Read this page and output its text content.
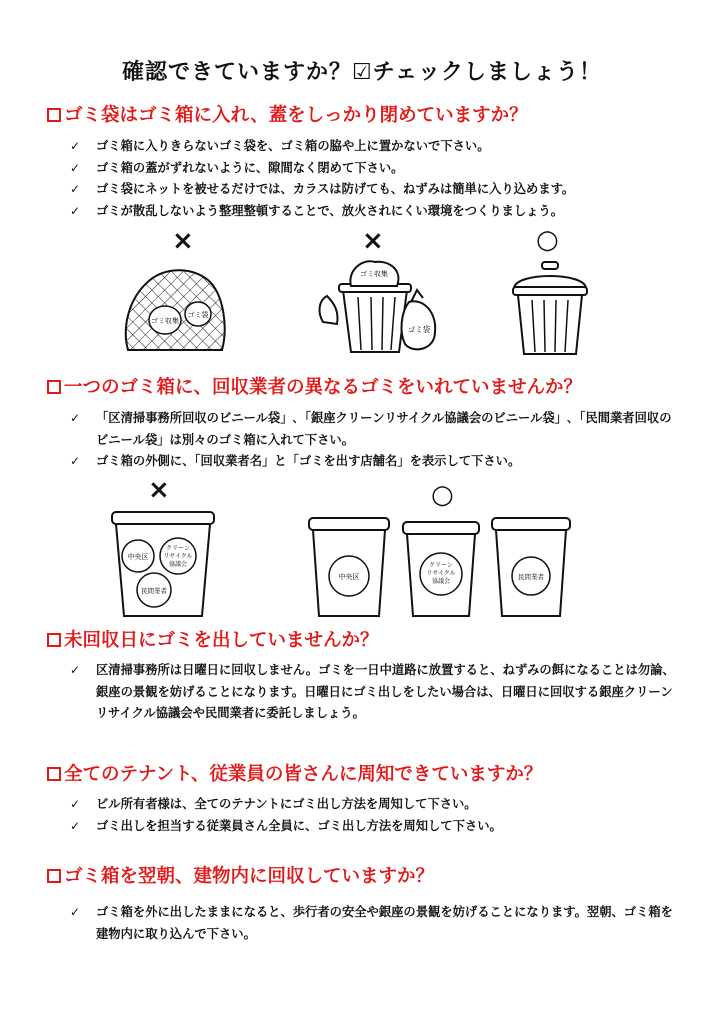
確認できていますか？☑チェックしましょう！
ゴミ袋はゴミ箱に入れ、蓋をしっかり閉めていますか？
✓ ゴミ箱に入りきらないゴミ袋を、ゴミ箱の脇や上に置かないで下さい。
✓ ゴミ箱の蓋がずれないように、隙間なく閉めて下さい。
✓ ゴミ袋にネットを被せるだけでは、カラスは防げても、ねずみは簡単に入り込めます。
✓ ゴミが散乱しないよう整理整頓することで、放火されにくい環境をつくりましょう。
×	×	○
ゴミ収集
ゴミ袋
ゴミ収集
ゴミ袋
一つのゴミ箱に、回収業者の異なるゴミをいれていませんか？
✓ 「区清掃事務所回収のビニール袋」､「銀座クリーンリサイクル協議会のビニール袋」､「民間業者回収のビニール袋」は別々のゴミ箱に入れて下さい。
✓ ゴミ箱の外側に、「回収業者名」と「ゴミを出す店舗名」を表示して下さい。
×	○
中央区
クリーン
リサイクル
協議会
民間業者
中央区
クリーン
リサイクル
協議会
民間業者
未回収日にゴミを出していませんか？
✓ 区清掃事務所は日曜日に回収しません。ゴミを一日中道路に放置すると、ねずみの餌になることは勿論、銀座の景観を妨げることになります。日曜日にゴミ出しをしたい場合は、日曜日に回収する銀座クリーンリサイクル協議会や民間業者に委託しましょう。
全てのテナント、従業員の皆さんに周知できていますか？
✓ ビル所有者様は、全てのテナントにゴミ出し方法を周知して下さい。
✓ ゴミ出しを担当する従業員さん全員に、ゴミ出し方法を周知して下さい。
ゴミ箱を翌朝、建物内に回収していますか？
✓ ゴミ箱を外に出したままになると、歩行者の安全や銀座の景観を妨げることになります。翌朝、ゴミ箱を建物内に取り込んで下さい。
